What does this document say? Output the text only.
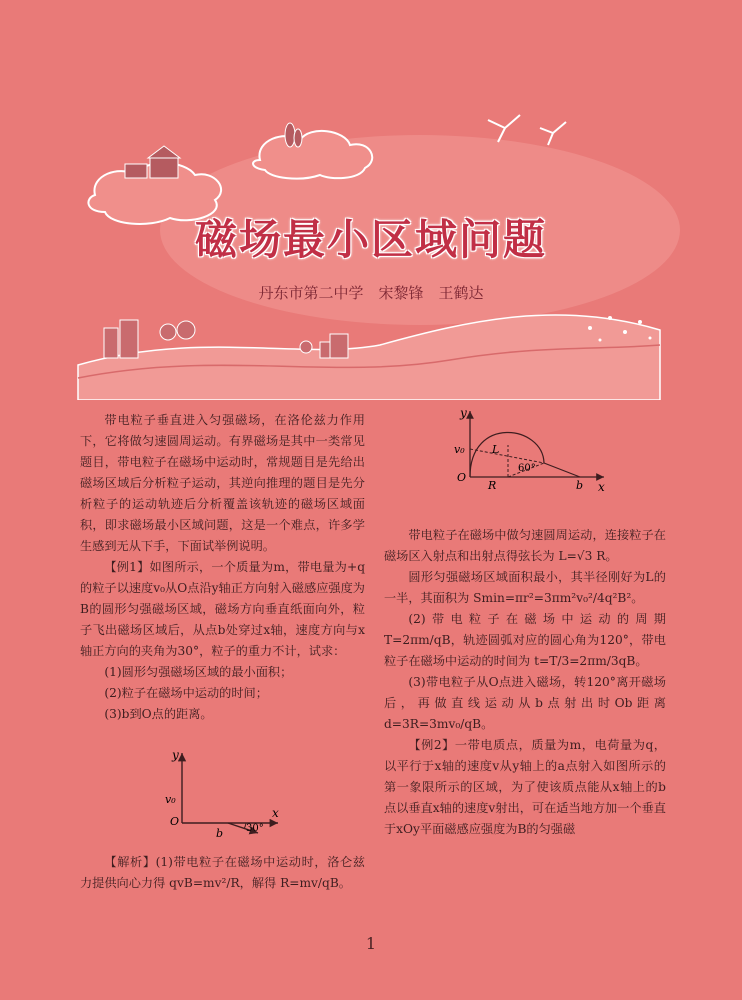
磁场最小区域问题
丹东市第二中学　宋黎锋　王鹤达

带电粒子垂直进入匀强磁场，在洛伦兹力作用下，它将做匀速圆周运动。有界磁场是其中一类常见题目，带电粒子在磁场中运动时，常规题目是先给出磁场区域后分析粒子运动，其逆向推理的题目是先分析粒子的运动轨迹后分析覆盖该轨迹的磁场区域面积，即求磁场最小区域问题，这是一个难点，许多学生感到无从下手，下面试举例说明。

【例1】如图所示，一个质量为m，带电量为+q的粒子以速度v₀从O点沿y轴正方向射入磁感应强度为B的圆形匀强磁场区域，磁场方向垂直纸面向外，粒子飞出磁场区域后，从点b处穿过x轴，速度方向与x轴正方向的夹角为30°，粒子的重力不计，试求：

(1)圆形匀强磁场区域的最小面积；

(2)粒子在磁场中运动的时间；

(3)b到O点的距离。

y
x
v₀
O
b 30°

【解析】(1)带电粒子在磁场中运动时，洛仑兹力提供向心力得 qvB=mv²/R，解得 R=mv/qB。

y
x
v₀
O
R	b
L
60°

带电粒子在磁场中做匀速圆周运动，连接粒子在磁场区入射点和出射点得弦长为 L=√3 R。

圆形匀强磁场区域面积最小，其半径刚好为L的一半，其面积为 Smin=πr²=3πm²v₀²/4q²B²。

(2)带电粒子在磁场中运动的周期 T=2πm/qB，轨迹圆弧对应的圆心角为120°，带电粒子在磁场中运动的时间为 t=T/3=2πm/3qB。

(3)带电粒子从O点进入磁场，转120°离开磁场后，再做直线运动从b点射出时Ob距离 d=3R=3mv₀/qB。

【例2】一带电质点，质量为m，电荷量为q，以平行于x轴的速度v从y轴上的a点射入如图所示的第一象限所示的区域，为了使该质点能从x轴上的b点以垂直x轴的速度v射出，可在适当地方加一个垂直于xOy平面磁感应强度为B的匀强磁

1
